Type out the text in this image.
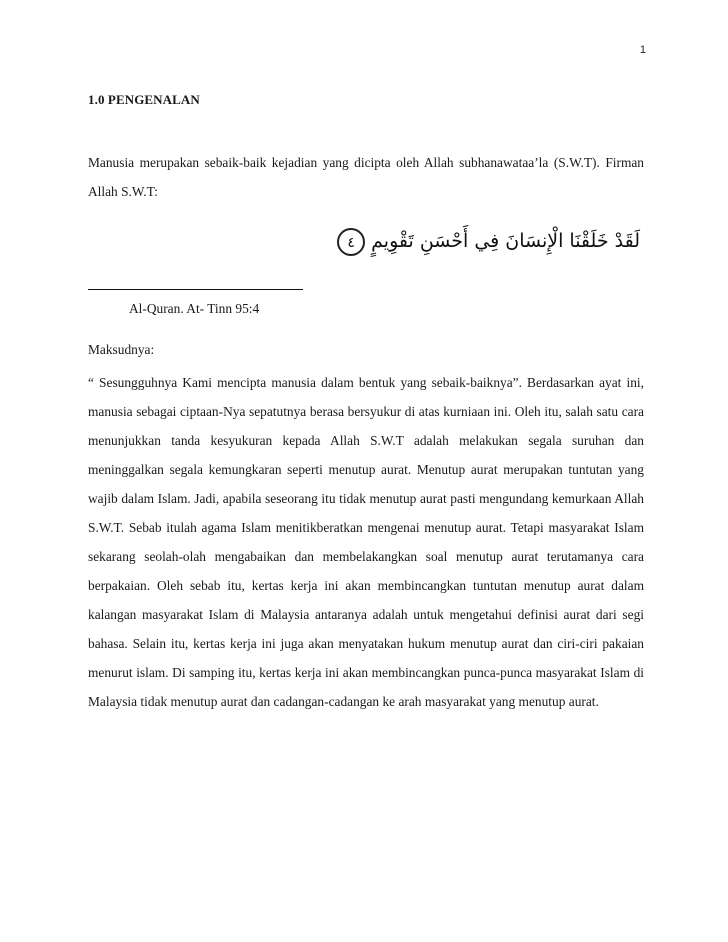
1
1.0 PENGENALAN
Manusia merupakan sebaik-baik kejadian yang dicipta oleh Allah subhanawataa’la (S.W.T). Firman Allah S.W.T:
لَقَدْ خَلَقْنَا الْإِنسَانَ فِي أَحْسَنِ تَقْوِيمٍ ٤
Al-Quran. At- Tinn 95:4
Maksudnya:
“ Sesungguhnya Kami mencipta manusia dalam bentuk yang sebaik-baiknya”. Berdasarkan ayat ini, manusia sebagai ciptaan-Nya sepatutnya berasa bersyukur di atas kurniaan ini. Oleh itu, salah satu cara menunjukkan tanda kesyukuran kepada Allah S.W.T adalah melakukan segala suruhan dan meninggalkan segala kemungkaran seperti menutup aurat. Menutup aurat merupakan tuntutan yang wajib dalam Islam. Jadi, apabila seseorang itu tidak menutup aurat pasti mengundang kemurkaan Allah S.W.T. Sebab itulah agama Islam menitikberatkan mengenai menutup aurat. Tetapi masyarakat Islam sekarang seolah-olah mengabaikan dan membelakangkan soal menutup aurat terutamanya cara berpakaian. Oleh sebab itu, kertas kerja ini akan membincangkan tuntutan menutup aurat dalam kalangan masyarakat Islam di Malaysia antaranya adalah untuk mengetahui definisi aurat dari segi bahasa. Selain itu, kertas kerja ini juga akan menyatakan hukum menutup aurat dan ciri-ciri pakaian menurut islam. Di samping itu, kertas kerja ini akan membincangkan punca-punca masyarakat Islam di Malaysia tidak menutup aurat dan cadangan-cadangan ke arah masyarakat yang menutup aurat.
